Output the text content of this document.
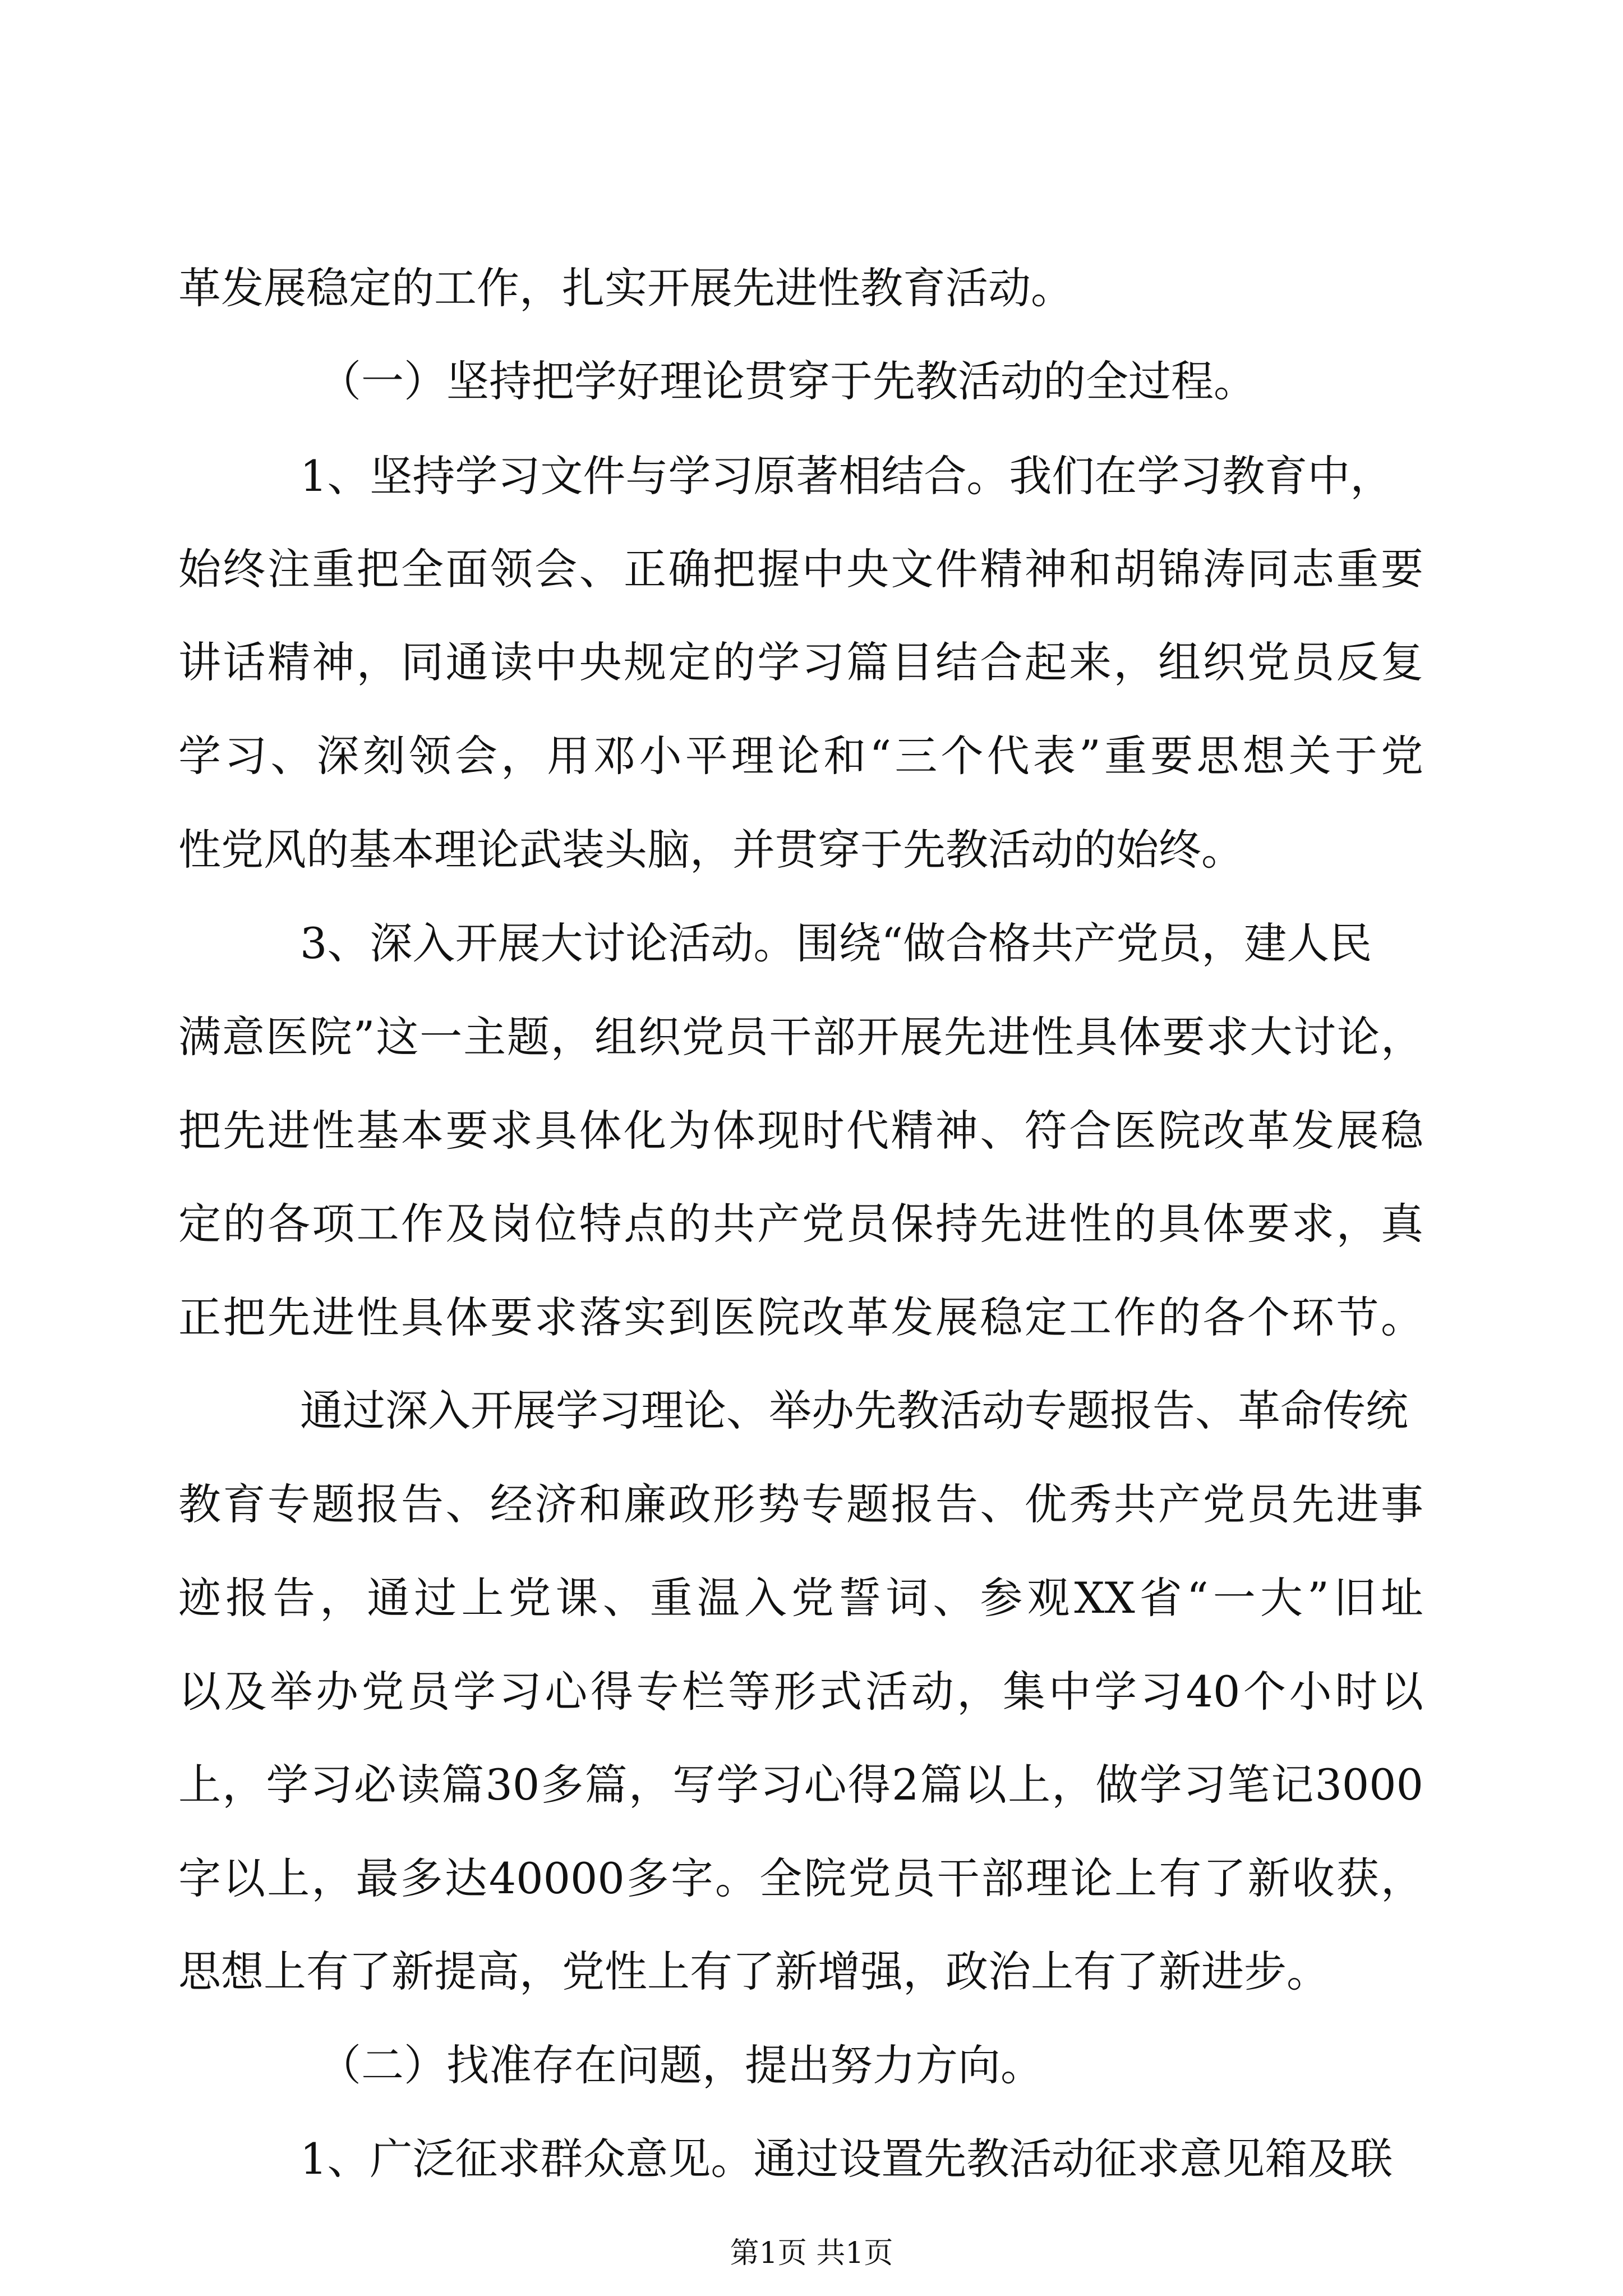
革发展稳定的工作，扎实开展先进性教育活动。
（一）坚持把学好理论贯穿于先教活动的全过程。
1、坚持学习文件与学习原著相结合。我们在学习教育中，
始终注重把全面领会、正确把握中央文件精神和胡锦涛同志重要
讲话精神，同通读中央规定的学习篇目结合起来，组织党员反复
学习、深刻领会，用邓小平理论和“三个代表”重要思想关于党
性党风的基本理论武装头脑，并贯穿于先教活动的始终。
3、深入开展大讨论活动。围绕“做合格共产党员，建人民
满意医院”这一主题，组织党员干部开展先进性具体要求大讨论，
把先进性基本要求具体化为体现时代精神、符合医院改革发展稳
定的各项工作及岗位特点的共产党员保持先进性的具体要求，真
正把先进性具体要求落实到医院改革发展稳定工作的各个环节。
通过深入开展学习理论、举办先教活动专题报告、革命传统
教育专题报告、经济和廉政形势专题报告、优秀共产党员先进事
迹报告，通过上党课、重温入党誓词、参观XX省“一大”旧址
以及举办党员学习心得专栏等形式活动，集中学习40个小时以
上，学习必读篇30多篇，写学习心得2篇以上，做学习笔记3000
字以上，最多达40000多字。全院党员干部理论上有了新收获，
思想上有了新提高，党性上有了新增强，政治上有了新进步。
（二）找准存在问题，提出努力方向。
1、广泛征求群众意见。通过设置先教活动征求意见箱及联
第1页 共1页
